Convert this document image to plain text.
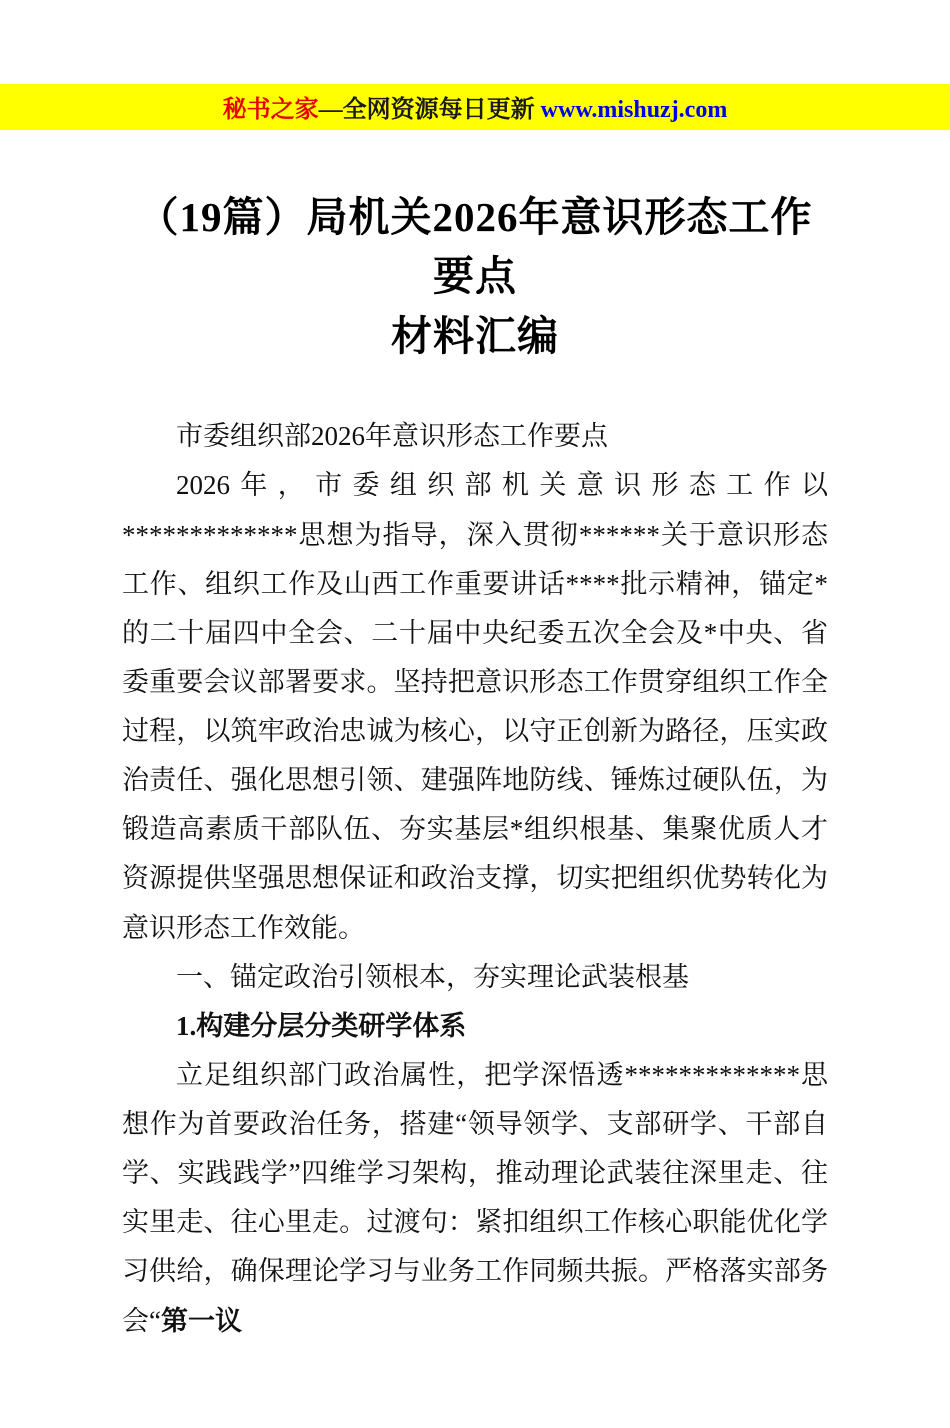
秘书之家—全网资源每日更新 www.mishuzj.com
（19篇）局机关2026年意识形态工作要点
材料汇编

市委组织部2026年意识形态工作要点

2026年，市委组织部机关意识形态工作以*************思想为指导，深入贯彻******关于意识形态工作、组织工作及山西工作重要讲话****批示精神，锚定*的二十届四中全会、二十届中央纪委五次全会及*中央、省委重要会议部署要求。坚持把意识形态工作贯穿组织工作全过程，以筑牢政治忠诚为核心，以守正创新为路径，压实政治责任、强化思想引领、建强阵地防线、锤炼过硬队伍，为锻造高素质干部队伍、夯实基层*组织根基、集聚优质人才资源提供坚强思想保证和政治支撑，切实把组织优势转化为意识形态工作效能。

一、锚定政治引领根本，夯实理论武装根基

1.构建分层分类研学体系

立足组织部门政治属性，把学深悟透*************思想作为首要政治任务，搭建“领导领学、支部研学、干部自学、实践践学”四维学习架构，推动理论武装往深里走、往实里走、往心里走。过渡句：紧扣组织工作核心职能优化学习供给，确保理论学习与业务工作同频共振。严格落实部务会“第一议
